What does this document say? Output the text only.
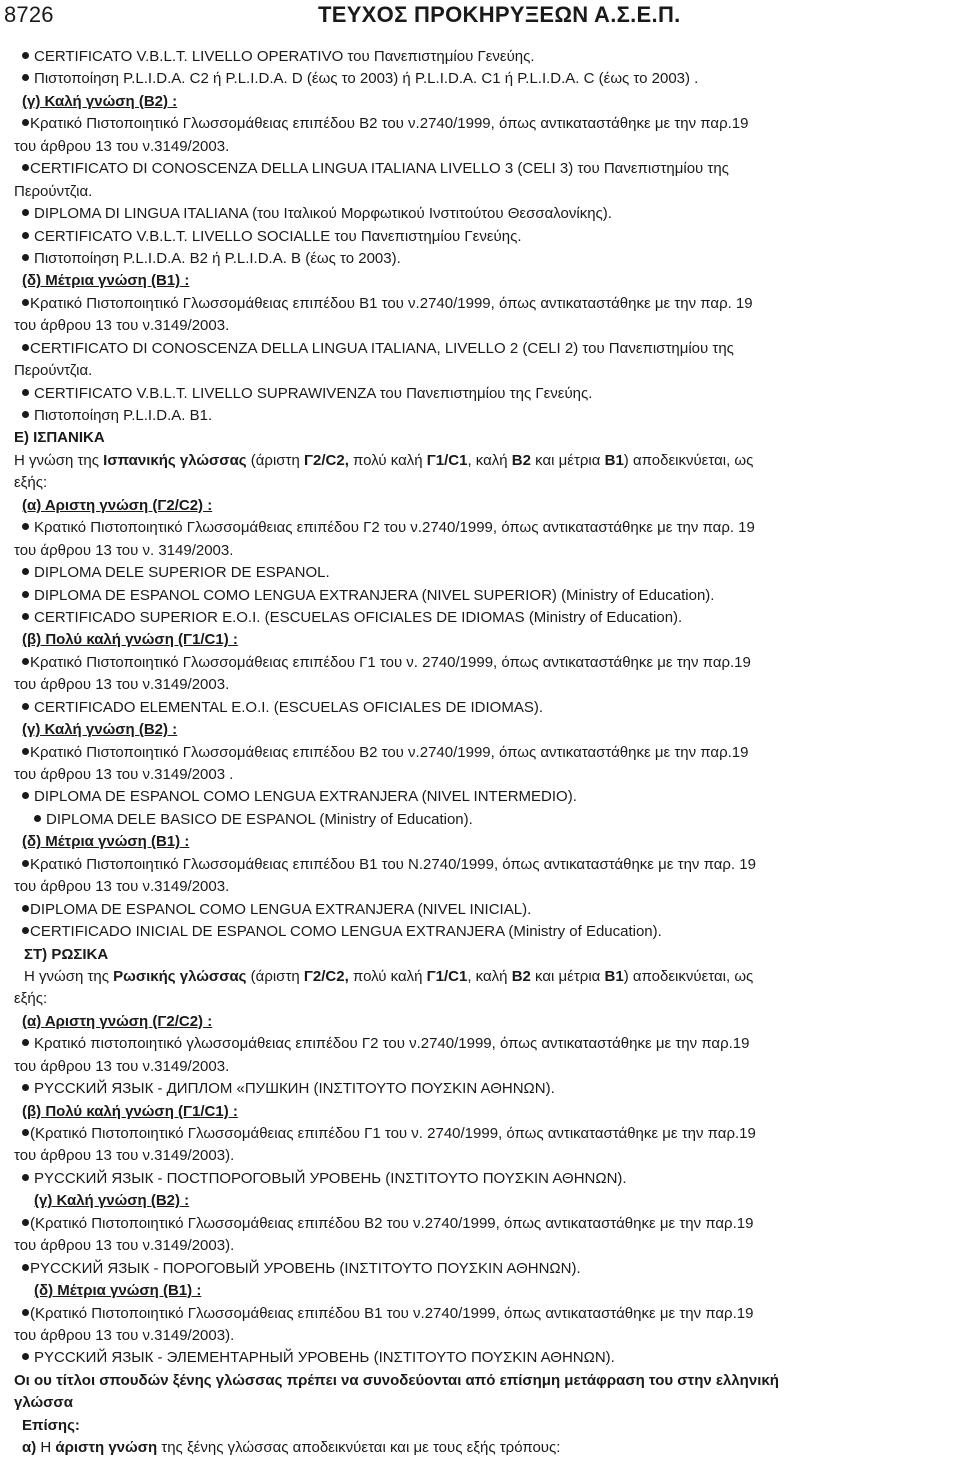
8726	ΤΕΥΧΟΣ ΠΡΟΚΗΡΥΞΕΩΝ Α.Σ.Ε.Π.
CERTIFICATO V.B.L.T. LIVELLO OPERATIVO του Πανεπιστημίου Γενεύης.
Πιστοποίηση P.L.I.D.A. C2 ή P.L.I.D.A. D (έως το 2003) ή P.L.I.D.A. C1 ή P.L.I.D.A. C (έως το 2003) .
(γ) Καλή γνώση (Β2) :
Κρατικό Πιστοποιητικό Γλωσσομάθειας επιπέδου Β2 του ν.2740/1999, όπως αντικαταστάθηκε με την παρ.19
του άρθρου 13 του ν.3149/2003.
CERTIFICATO DI CONOSCENZA DELLA LINGUA ITALIANA LIVELLO 3 (CELI 3) του Πανεπιστημίου της
Περούντζια.
DIPLOMA DI LINGUA ITALIANA (του Ιταλικού Μορφωτικού Ινστιτούτου Θεσσαλονίκης).
CERTIFICATO V.B.L.T. LIVELLO SOCIALLE του Πανεπιστημίου Γενεύης.
Πιστοποίηση P.L.I.D.A. B2 ή P.L.I.D.A. B (έως το 2003).
(δ) Μέτρια γνώση (Β1) :
Κρατικό Πιστοποιητικό Γλωσσομάθειας επιπέδου Β1 του ν.2740/1999, όπως αντικαταστάθηκε με την παρ. 19
του άρθρου 13 του ν.3149/2003.
CERTIFICATO DI CONOSCENZA DELLA LINGUA ITALIANA, LIVELLO 2 (CELI 2) του Πανεπιστημίου της
Περούντζια.
CERTIFICATO V.B.L.T. LIVELLO SUPRAWIVENZA του Πανεπιστημίου της Γενεύης.
Πιστοποίηση P.L.I.D.A. B1.
Ε) ΙΣΠΑΝΙΚΑ
Η γνώση της Ισπανικής γλώσσας (άριστη Γ2/C2, πολύ καλή Γ1/C1, καλή Β2 και μέτρια Β1) αποδεικνύεται, ως
εξής:
(α) Αριστη γνώση (Γ2/C2) :
Κρατικό Πιστοποιητικό Γλωσσομάθειας επιπέδου Γ2 του ν.2740/1999, όπως αντικαταστάθηκε με την παρ. 19
του άρθρου 13 του ν. 3149/2003.
DIPLOMA DELE SUPERIOR DE ESPANOL.
DIPLOMA DE ESPANOL COMO LENGUA EXTRANJERA (NIVEL SUPERIOR) (Ministry of Education).
CERTIFICADO SUPERIOR E.O.I. (ESCUELAS OFICIALES DE IDIOMAS (Ministry of Education).
(β) Πολύ καλή γνώση (Γ1/C1) :
Κρατικό Πιστοποιητικό Γλωσσομάθειας επιπέδου Γ1 του ν. 2740/1999, όπως αντικαταστάθηκε με την παρ.19
του άρθρου 13 του ν.3149/2003.
CERTIFICADO ELEMENTAL E.O.I. (ESCUELAS OFICIALES DE IDIOMAS).
(γ) Καλή γνώση (Β2) :
Κρατικό Πιστοποιητικό Γλωσσομάθειας επιπέδου Β2 του ν.2740/1999, όπως αντικαταστάθηκε με την παρ.19
του άρθρου 13 του ν.3149/2003 .
DIPLOMA DE ESPANOL COMO LENGUA EXTRANJERA (NIVEL INTERMEDIO).
DIPLOMA DELE BASICO DE ESPANOL (Ministry of Education).
(δ) Μέτρια γνώση (Β1) :
Κρατικό Πιστοποιητικό Γλωσσομάθειας επιπέδου Β1 του Ν.2740/1999, όπως αντικαταστάθηκε με την παρ. 19
του άρθρου 13 του ν.3149/2003.
DIPLOMA DE ESPANOL COMO LENGUA EXTRANJERA (NIVEL INICIAL).
CERTIFICADO INICIAL DE ESPANOL COMO LENGUA EXTRANJERA (Ministry of Education).
ΣΤ) ΡΩΣΙΚΑ
Η γνώση της Ρωσικής γλώσσας (άριστη Γ2/C2, πολύ καλή Γ1/C1, καλή Β2 και μέτρια Β1) αποδεικνύεται, ως
εξής:
(α) Αριστη γνώση (Γ2/C2) :
Κρατικό πιστοποιητικό γλωσσομάθειας επιπέδου Γ2 του ν.2740/1999, όπως αντικαταστάθηκε με την παρ.19
του άρθρου 13 του ν.3149/2003.
PYCCKИЙ ЯЗЫК - ДИПЛОМ «ПУШКИН (ΙΝΣΤΙΤΟΥΤΟ ΠΟΥΣΚΙΝ ΑΘΗΝΩΝ).
(β) Πολύ καλή γνώση (Γ1/C1) :
(Κρατικό Πιστοποιητικό Γλωσσομάθειας επιπέδου Γ1 του ν. 2740/1999, όπως αντικαταστάθηκε με την παρ.19
του άρθρου 13 του ν.3149/2003).
PYCCKИЙ ЯЗЫК - ПОСТПОРОГОВЫЙ УРОВЕНЬ (ΙΝΣΤΙΤΟΥΤΟ ΠΟΥΣΚΙΝ ΑΘΗΝΩΝ).
(γ) Καλή γνώση (Β2) :
(Κρατικό Πιστοποιητικό Γλωσσομάθειας επιπέδου Β2 του ν.2740/1999, όπως αντικαταστάθηκε με την παρ.19
του άρθρου 13 του ν.3149/2003).
PYCCKИЙ ЯЗЫК - ПОРОГОВЫЙ УРОВЕНЬ (ΙΝΣΤΙΤΟΥΤΟ ΠΟΥΣΚΙΝ ΑΘΗΝΩΝ).
(δ) Μέτρια γνώση (Β1) :
(Κρατικό Πιστοποιητικό Γλωσσομάθειας επιπέδου Β1 του ν.2740/1999, όπως αντικαταστάθηκε με την παρ.19
του άρθρου 13 του ν.3149/2003).
PYCCKИЙ ЯЗЫК - ЭЛЕМЕНТАРНЫЙ УРОВЕНЬ (ΙΝΣΤΙΤΟΥΤΟ ΠΟΥΣΚΙΝ ΑΘΗΝΩΝ).
Οι ου τίτλοι σπουδών ξένης γλώσσας πρέπει να συνοδεύονται από επίσημη μετάφραση του στην ελληνική
γλώσσα
Επίσης:
α) Η άριστη γνώση της ξένης γλώσσας αποδεικνύεται και με τους εξής τρόπους:
